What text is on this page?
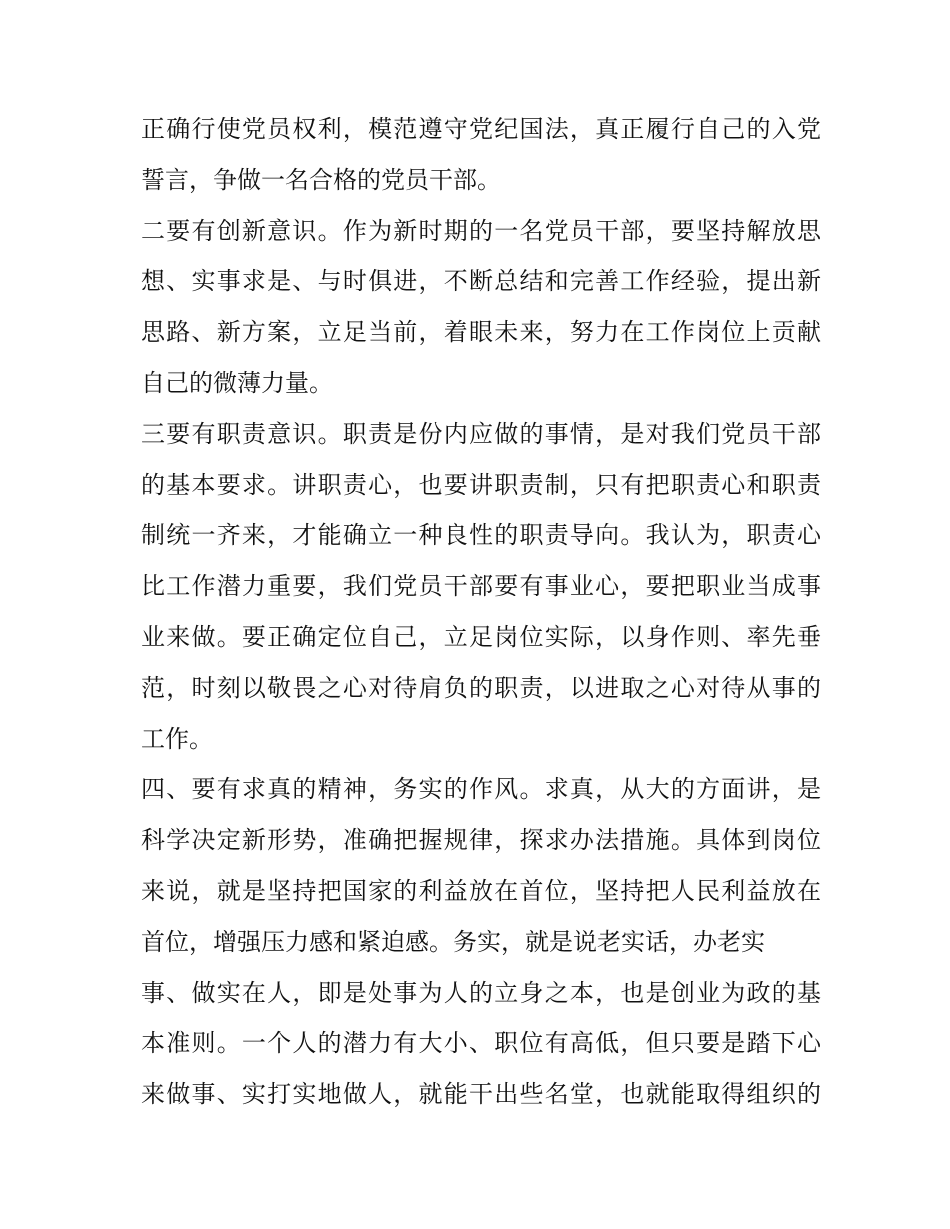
正确行使党员权利，模范遵守党纪国法，真正履行自己的入党
誓言，争做一名合格的党员干部。
二要有创新意识。作为新时期的一名党员干部，要坚持解放思
想、实事求是、与时俱进，不断总结和完善工作经验，提出新
思路、新方案，立足当前，着眼未来，努力在工作岗位上贡献
自己的微薄力量。
三要有职责意识。职责是份内应做的事情，是对我们党员干部
的基本要求。讲职责心，也要讲职责制，只有把职责心和职责
制统一齐来，才能确立一种良性的职责导向。我认为，职责心
比工作潜力重要，我们党员干部要有事业心，要把职业当成事
业来做。要正确定位自己，立足岗位实际，以身作则、率先垂
范，时刻以敬畏之心对待肩负的职责，以进取之心对待从事的
工作。
四、要有求真的精神，务实的作风。求真，从大的方面讲，是
科学决定新形势，准确把握规律，探求办法措施。具体到岗位
来说，就是坚持把国家的利益放在首位，坚持把人民利益放在
首位，增强压力感和紧迫感。务实，就是说老实话，办老实
事、做实在人，即是处事为人的立身之本，也是创业为政的基
本准则。一个人的潜力有大小、职位有高低，但只要是踏下心
来做事、实打实地做人，就能干出些名堂，也就能取得组织的
